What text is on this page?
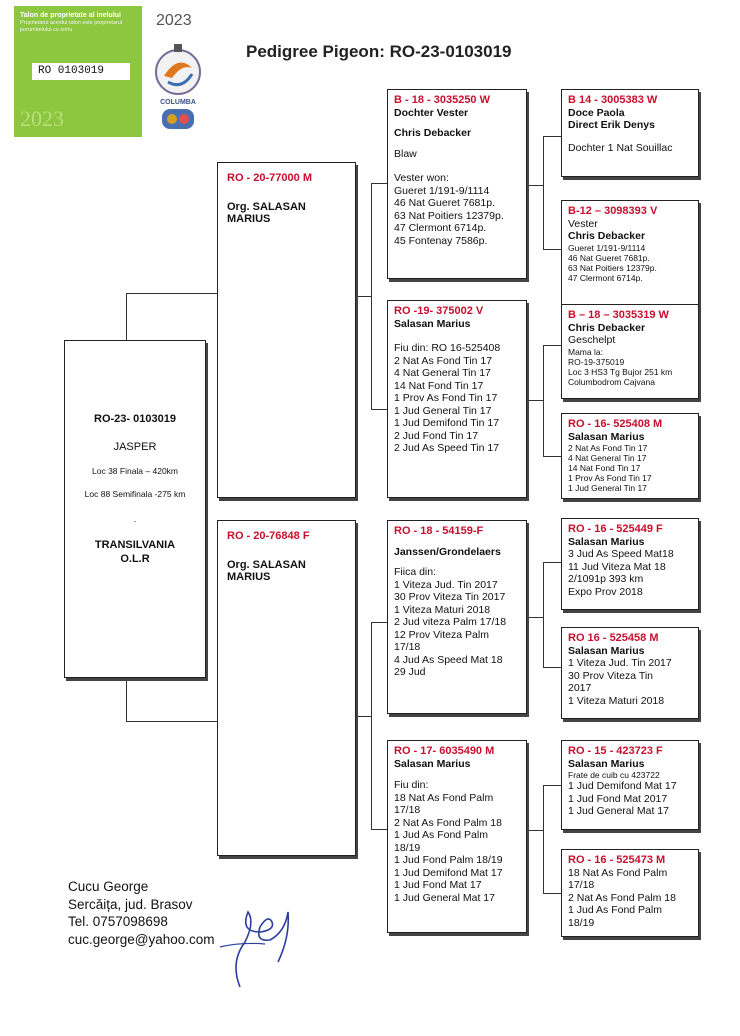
Talon de proprietate al inelului
Proprietarul acestui talon este proprietarul porumbelului cu soriu
RO 0103019
2023
2023
COLUMBA
Pedigree Pigeon: RO-23-0103019
RO-23- 0103019
JASPER
Loc 38 Finala – 420km
Loc 88 Semifinala -275 km
.
TRANSILVANIA
O.L.R
RO - 20-77000 M
Org. SALASAN
MARIUS
RO - 20-76848 F
Org. SALASAN
MARIUS
B - 18 - 3035250 W
Dochter Vester
Chris Debacker
Blaw
Vester won:
Gueret 1/191-9/1114
46 Nat Gueret 7681p.
63 Nat Poitiers 12379p.
47 Clermont 6714p.
45 Fontenay 7586p.
RO -19- 375002 V
Salasan Marius
Fiu din: RO 16-525408
2 Nat As Fond Tin 17
4 Nat General Tin 17
14 Nat Fond Tin 17
1 Prov As Fond Tin 17
1 Jud General Tin 17
1 Jud Demifond Tin 17
2 Jud Fond Tin 17
2 Jud As Speed Tin 17
RO - 18 - 54159-F
Janssen/Grondelaers
Fiica din:
1 Viteza Jud. Tin 2017
30 Prov Viteza Tin 2017
1 Viteza Maturi 2018
2 Jud viteza Palm 17/18
12 Prov Viteza Palm
17/18
4 Jud As Speed Mat 18
29 Jud
RO - 17- 6035490 M
Salasan Marius
Fiu din:
18 Nat As Fond Palm
17/18
2 Nat As Fond Palm 18
1 Jud As Fond Palm
18/19
1 Jud Fond Palm 18/19
1 Jud Demifond Mat 17
1 Jud Fond Mat 17
1 Jud General Mat 17
B 14 - 3005383 W
Doce Paola
Direct Erik Denys
Dochter 1 Nat Souillac
B-12 – 3098393 V
Vester
Chris Debacker
Gueret 1/191-9/1114
46 Nat Gueret 7681p.
63 Nat Poitiers 12379p.
47 Clermont 6714p.
B – 18 – 3035319 W
Chris Debacker
Geschelpt
Mama la:
RO-19-375019
Loc 3 HS3 Tg Bujor 251 km
Columbodrom Cajvana
RO - 16- 525408 M
Salasan Marius
2 Nat As Fond Tin 17
4 Nat General Tin 17
14 Nat Fond Tin 17
1 Prov As Fond Tin 17
1 Jud General Tin 17
RO - 16 - 525449 F
Salasan Marius
3 Jud As Speed Mat18
11 Jud Viteza Mat 18
2/1091p 393 km
Expo Prov 2018
RO 16 - 525458 M
Salasan Marius
1 Viteza Jud. Tin 2017
30 Prov Viteza Tin
2017
1 Viteza Maturi 2018
RO - 15 - 423723 F
Salasan Marius
Frate de cuib cu 423722
1 Jud Demifond Mat 17
1 Jud Fond Mat 2017
1 Jud General Mat 17
RO - 16 - 525473 M
18 Nat As Fond Palm
17/18
2 Nat As Fond Palm 18
1 Jud As Fond Palm
18/19
Cucu George
Sercăița, jud. Brasov
Tel. 0757098698
cuc.george@yahoo.com
